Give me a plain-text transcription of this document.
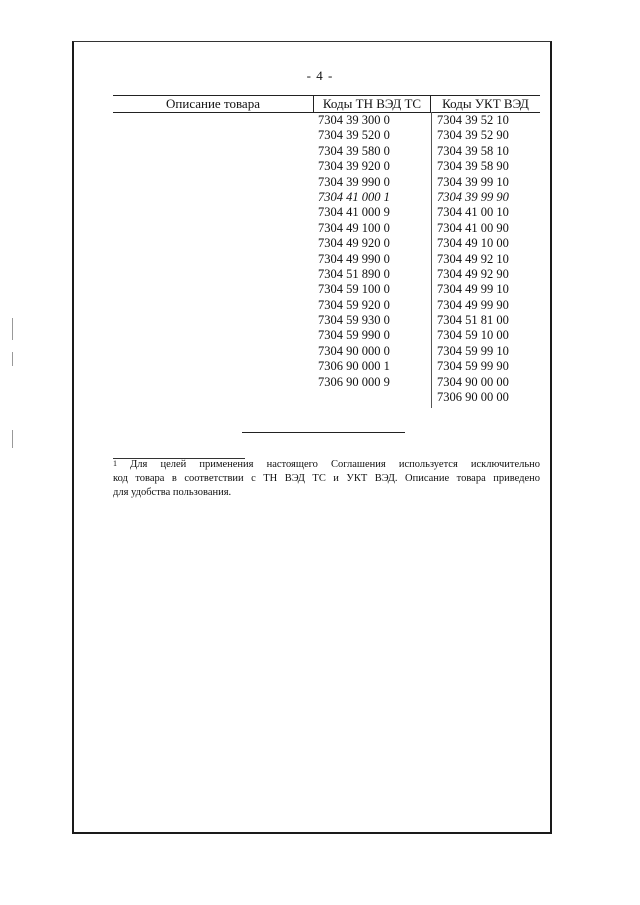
- 4 -
Описание товара	Коды ТН ВЭД ТС	Коды УКТ ВЭД
7304 39 300 0
7304 39 520 0
7304 39 580 0
7304 39 920 0
7304 39 990 0
7304 41 000 1
7304 41 000 9
7304 49 100 0
7304 49 920 0
7304 49 990 0
7304 51 890 0
7304 59 100 0
7304 59 920 0
7304 59 930 0
7304 59 990 0
7304 90 000 0
7306 90 000 1
7306 90 000 9
7304 39 52 10
7304 39 52 90
7304 39 58 10
7304 39 58 90
7304 39 99 10
7304 39 99 90
7304 41 00 10
7304 41 00 90
7304 49 10 00
7304 49 92 10
7304 49 92 90
7304 49 99 10
7304 49 99 90
7304 51 81 00
7304 59 10 00
7304 59 99 10
7304 59 99 90
7304 90 00 00
7306 90 00 00
$^1$ Для целей применения настоящего Соглашения используется исключительно
код товара в соответствии с ТН ВЭД ТС и УКТ ВЭД. Описание товара приведено
для удобства пользования.
